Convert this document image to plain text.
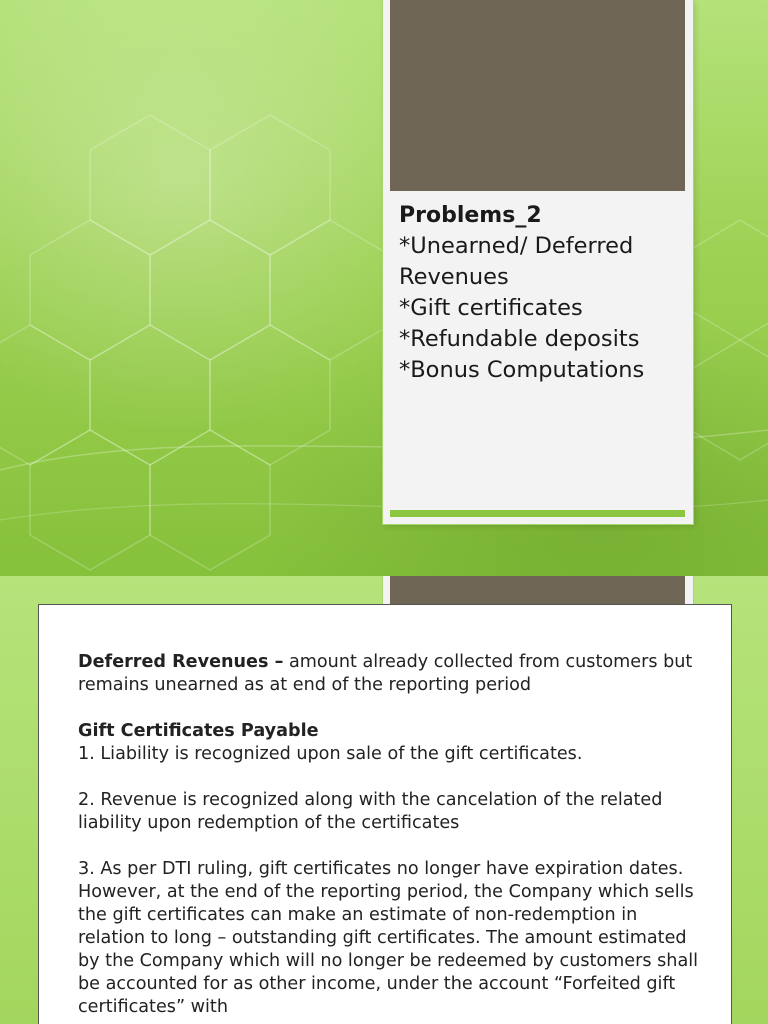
Problems_2
*Unearned/ Deferred
Revenues
*Gift certificates
*Refundable deposits
*Bonus Computations

Deferred Revenues – amount already collected from customers but remains unearned as at end of the reporting period

Gift Certificates Payable

1. Liability is recognized upon sale of the gift certificates.

2. Revenue is recognized along with the cancelation of the related liability upon redemption of the certificates

3. As per DTI ruling, gift certificates no longer have expiration dates. However, at the end of the reporting period, the Company which sells the gift certificates can make an estimate of non-redemption in relation to long – outstanding gift certificates. The amount estimated by the Company which will no longer be redeemed by customers shall be accounted for as other income, under the account “Forfeited gift certificates” with
